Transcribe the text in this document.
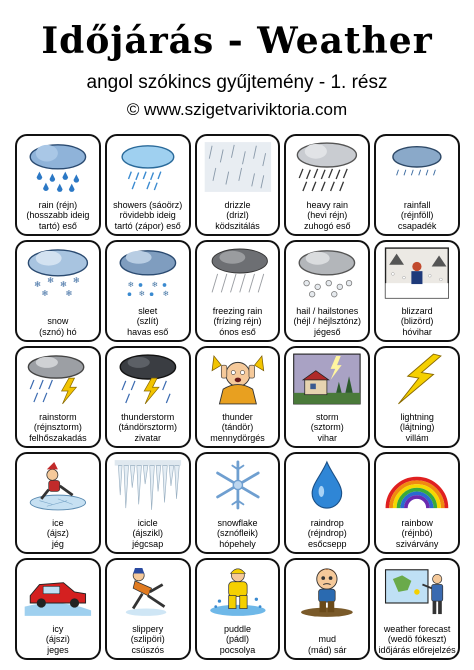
Időjárás - Weather
angol szókincs gyűjtemény - 1. rész
© www.szigetvariviktoria.com
rain (réjn)
(hosszabb ideig
tartó) eső
showers (sáoörz)
rövidebb ideig
tartó (zápor) eső
drizzle
(drizl)
ködszitálás
heavy rain
(hevi réjn)
zuhogó eső
rainfall
(réjnföll)
csapadék
❄ ❄ ❄ ❄
❄ ❄
snow
(sznó) hó
❄ ❄
❄ ❄
sleet
(szlít)
havas eső
freezing rain
(frízing réjn)
ónos eső
hail / hailstones
(héjl / héjlsztónz)
jégeső
blizzard
(blizörd)
hóvihar
rainstorm
(réjnsztorm)
felhőszakadás
thunderstorm
(tándörsztorm)
zivatar
thunder
(tándör)
mennydörgés
storm
(sztorm)
vihar
lightning
(lájtning)
villám
ice
(ájsz)
jég
icicle
(ájszikl)
jégcsap
snowflake
(sznófleik)
hópehely
raindrop
(réjndrop)
esőcsepp
rainbow
(réjnbó)
szivárvány
icy
(ájszi)
jeges
slippery
(szlipöri)
csúszós
puddle
(pádl)
pocsolya
mud
(mád) sár
weather forecast
(wedö fókeszt)
időjárás előrejelzés
